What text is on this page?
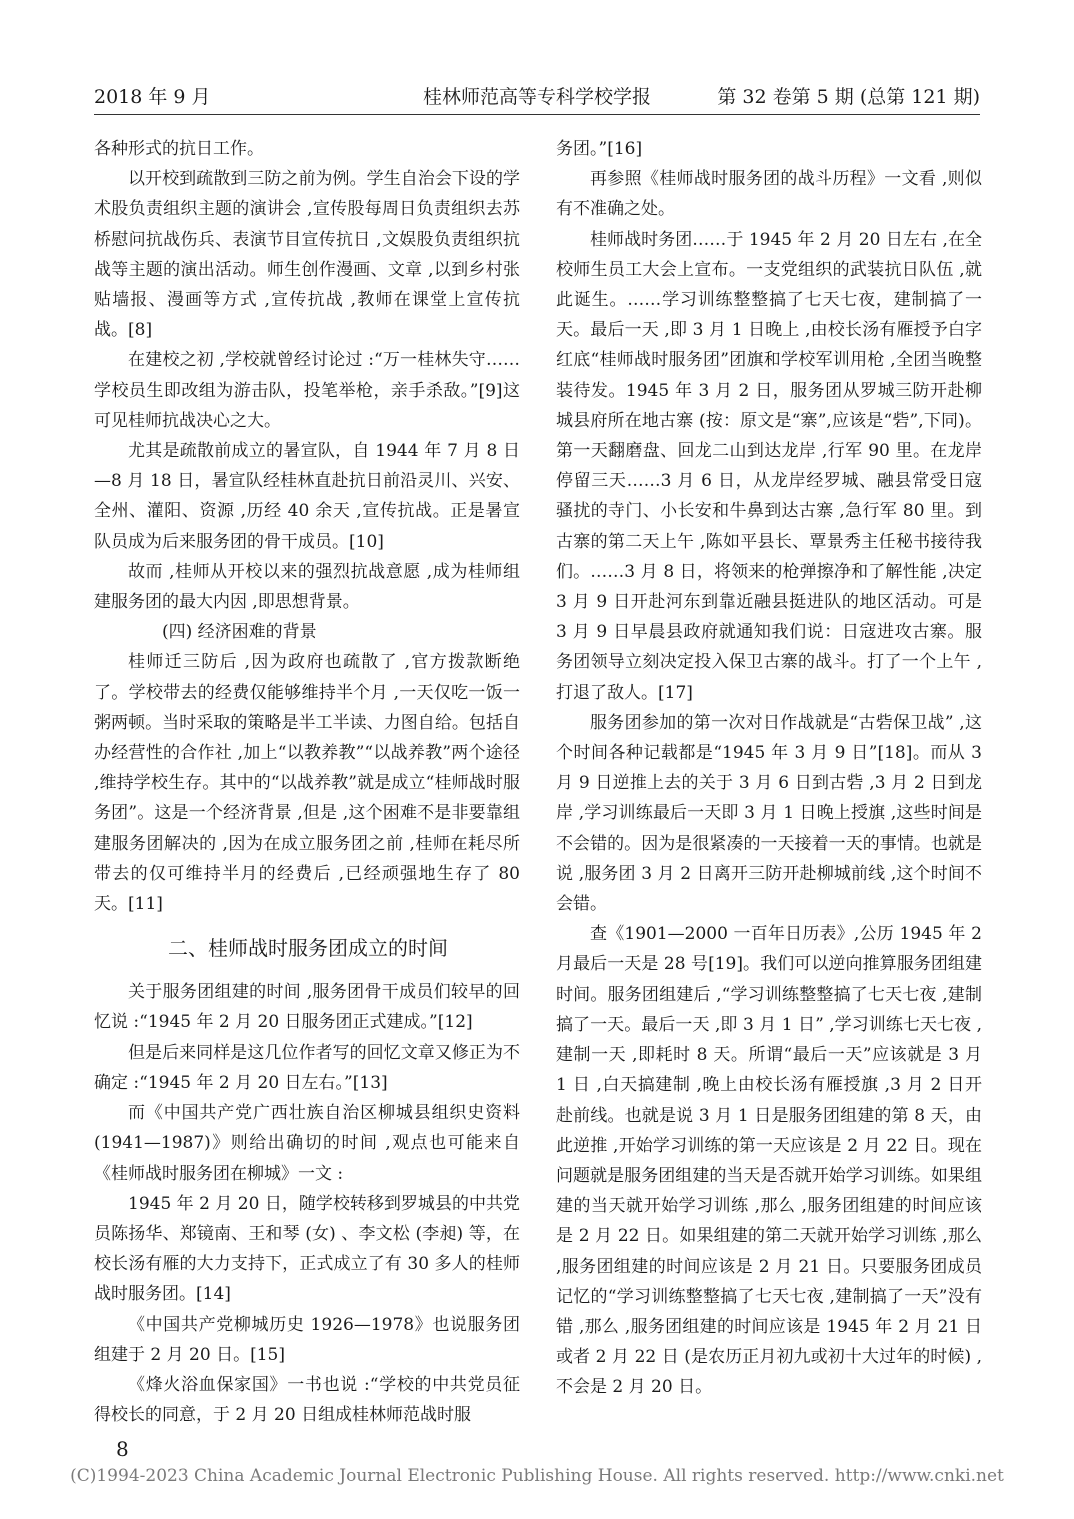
2018 年 9 月	桂林师范高等专科学校学报	第 32 卷第 5 期 (总第 121 期)

各种形式的抗日工作。

以开校到疏散到三防之前为例。学生自治会下设的学术股负责组织主题的演讲会 ,宣传股每周日负责组织去苏桥慰问抗战伤兵、表演节目宣传抗日 ,文娱股负责组织抗战等主题的演出活动。师生创作漫画、文章 ,以到乡村张贴墙报、漫画等方式 ,宣传抗战 ,教师在课堂上宣传抗战。[8]

在建校之初 ,学校就曾经讨论过 :“万一桂林失守……学校员生即改组为游击队，投笔举枪，亲手杀敌。”[9]这可见桂师抗战决心之大。

尤其是疏散前成立的暑宣队，自 1944 年 7 月 8 日—8 月 18 日，暑宣队经桂林直赴抗日前沿灵川、兴安、全州、灌阳、资源 ,历经 40 余天 ,宣传抗战。正是暑宣队员成为后来服务团的骨干成员。[10]

故而 ,桂师从开校以来的强烈抗战意愿 ,成为桂师组建服务团的最大内因 ,即思想背景。

(四) 经济困难的背景

桂师迁三防后 ,因为政府也疏散了 ,官方拨款断绝了。学校带去的经费仅能够维持半个月 ,一天仅吃一饭一粥两顿。当时采取的策略是半工半读、力图自给。包括自办经营性的合作社 ,加上“以教养教”“以战养教”两个途径 ,维持学校生存。其中的“以战养教”就是成立“桂师战时服务团”。这是一个经济背景 ,但是 ,这个困难不是非要靠组建服务团解决的 ,因为在成立服务团之前 ,桂师在耗尽所带去的仅可维持半月的经费后 ,已经顽强地生存了 80 天。[11]

二、桂师战时服务团成立的时间

关于服务团组建的时间 ,服务团骨干成员们较早的回忆说 :“1945 年 2 月 20 日服务团正式建成。”[12]

但是后来同样是这几位作者写的回忆文章又修正为不确定 :“1945 年 2 月 20 日左右。”[13]

而《中国共产党广西壮族自治区柳城县组织史资料(1941—1987)》则给出确切的时间 ,观点也可能来自《桂师战时服务团在柳城》一文 :

1945 年 2 月 20 日，随学校转移到罗城县的中共党员陈扬华、郑镜南、王和琴 (女) 、李文松 (李昶) 等，在校长汤有雁的大力支持下，正式成立了有 30 多人的桂师战时服务团。[14]

《中国共产党柳城历史 1926—1978》也说服务团组建于 2 月 20 日。[15]

《烽火浴血保家国》一书也说 :“学校的中共党员征得校长的同意，于 2 月 20 日组成桂林师范战时服

务团。”[16]

再参照《桂师战时服务团的战斗历程》一文看 ,则似有不准确之处。

桂师战时务团……于 1945 年 2 月 20 日左右 ,在全校师生员工大会上宣布。一支党组织的武装抗日队伍 ,就此诞生。……学习训练整整搞了七天七夜，建制搞了一天。最后一天 ,即 3 月 1 日晚上 ,由校长汤有雁授予白字红底“桂师战时服务团”团旗和学校军训用枪 ,全团当晚整装待发。1945 年 3 月 2 日，服务团从罗城三防开赴柳城县府所在地古寨 (按：原文是“寨”,应该是“砦”,下同)。第一天翻磨盘、回龙二山到达龙岸 ,行军 90 里。在龙岸停留三天……3 月 6 日，从龙岸经罗城、融县常受日寇骚扰的寺门、小长安和牛鼻到达古寨 ,急行军 80 里。到古寨的第二天上午 ,陈如平县长、覃景秀主任秘书接待我们。……3 月 8 日，将领来的枪弹擦净和了解性能 ,决定 3 月 9 日开赴河东到靠近融县挺进队的地区活动。可是 3 月 9 日早晨县政府就通知我们说：日寇进攻古寨。服务团领导立刻决定投入保卫古寨的战斗。打了一个上午 ,打退了敌人。[17]

服务团参加的第一次对日作战就是“古砦保卫战” ,这个时间各种记载都是“1945 年 3 月 9 日”[18]。而从 3 月 9 日逆推上去的关于 3 月 6 日到古砦 ,3 月 2 日到龙岸 ,学习训练最后一天即 3 月 1 日晚上授旗 ,这些时间是不会错的。因为是很紧凑的一天接着一天的事情。也就是说 ,服务团 3 月 2 日离开三防开赴柳城前线 ,这个时间不会错。

查《1901—2000 一百年日历表》,公历 1945 年 2 月最后一天是 28 号[19]。我们可以逆向推算服务团组建时间。服务团组建后 ,“学习训练整整搞了七天七夜 ,建制搞了一天。最后一天 ,即 3 月 1 日” ,学习训练七天七夜 ,建制一天 ,即耗时 8 天。所谓“最后一天”应该就是 3 月 1 日 ,白天搞建制 ,晚上由校长汤有雁授旗 ,3 月 2 日开赴前线。也就是说 3 月 1 日是服务团组建的第 8 天，由此逆推 ,开始学习训练的第一天应该是 2 月 22 日。现在问题就是服务团组建的当天是否就开始学习训练。如果组建的当天就开始学习训练 ,那么 ,服务团组建的时间应该是 2 月 22 日。如果组建的第二天就开始学习训练 ,那么 ,服务团组建的时间应该是 2 月 21 日。只要服务团成员记忆的“学习训练整整搞了七天七夜 ,建制搞了一天”没有错 ,那么 ,服务团组建的时间应该是 1945 年 2 月 21 日或者 2 月 22 日 (是农历正月初九或初十大过年的时候) ,不会是 2 月 20 日。

8
(C)1994-2023 China Academic Journal Electronic Publishing House. All rights reserved. http://www.cnki.net
